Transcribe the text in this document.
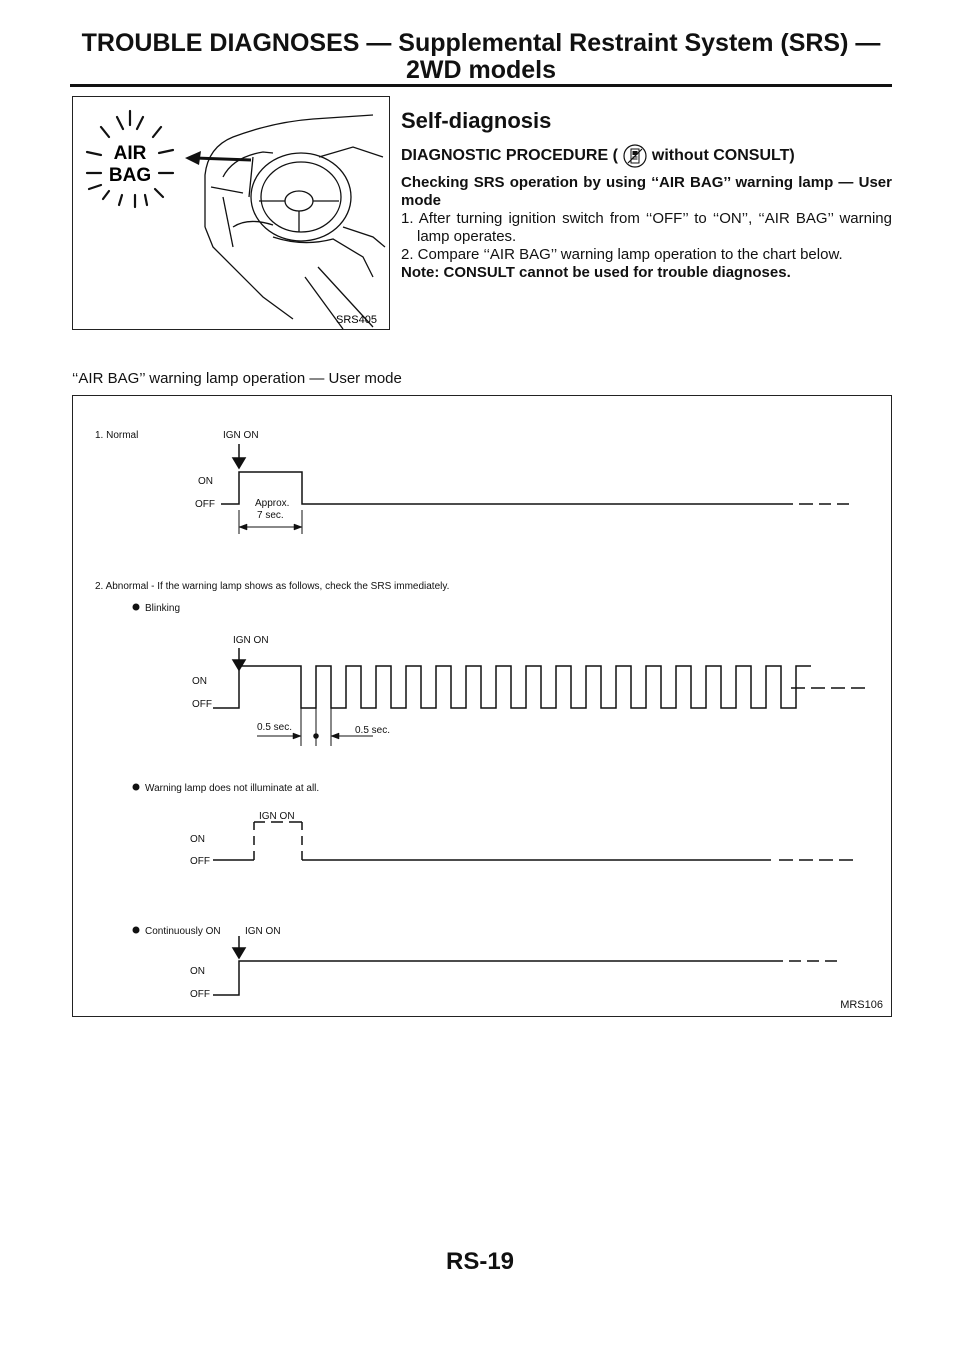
TROUBLE DIAGNOSES — Supplemental Restraint System (SRS) —
2WD models
AIR
BAG
SRS405
Self-diagnosis
DIAGNOSTIC PROCEDURE ( without CONSULT)

Checking SRS operation by using ‘‘AIR BAG’’ warning lamp — User mode

1. After turning ignition switch from ‘‘OFF’’ to ‘‘ON’’, ‘‘AIR BAG’’ warning lamp operates.

2. Compare ‘‘AIR BAG’’ warning lamp operation to the chart below.

Note: CONSULT cannot be used for trouble diagnoses.

‘‘AIR BAG’’ warning lamp operation — User mode
1. Normal	IGN ON
ON
OFF	Approx.
7 sec.
2. Abnormal - If the warning lamp shows as follows, check the SRS immediately.
Blinking
IGN ON
ON
OFF
0.5 sec.	0.5 sec.
Warning lamp does not illuminate at all.
IGN ON
ON
OFF
Continuously ON IGN ON
ON
OFF
MRS106
RS-19
